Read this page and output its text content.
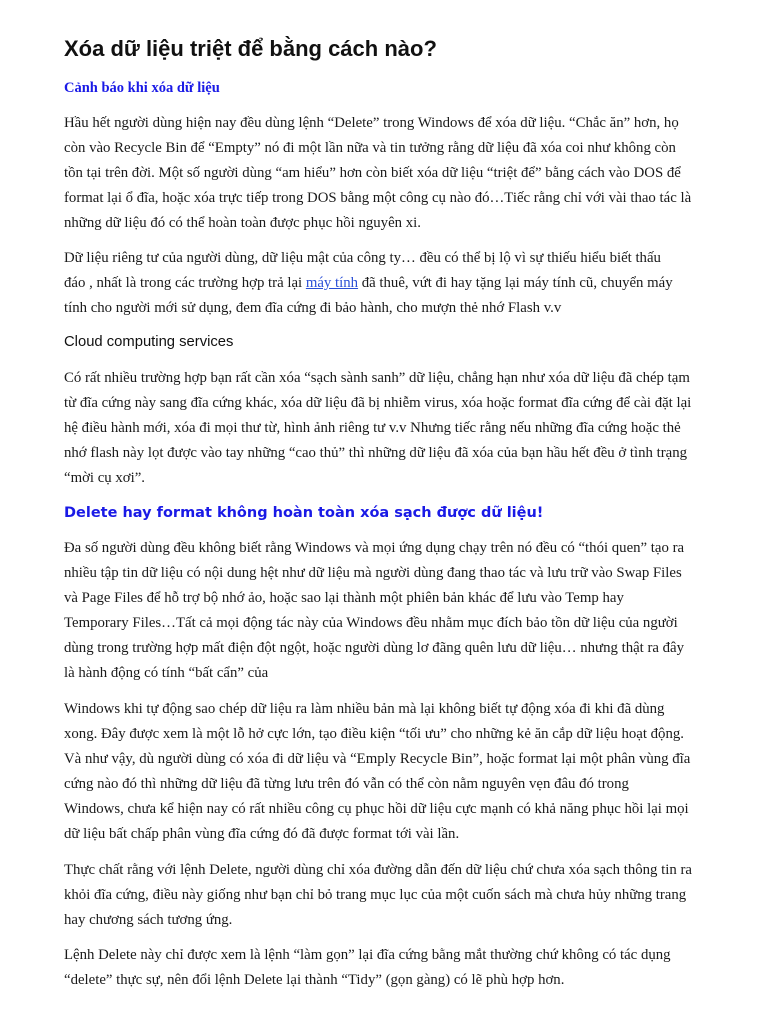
Xóa dữ liệu triệt để bằng cách nào?
Cảnh báo khi xóa dữ liệu

Hầu hết người dùng hiện nay đều dùng lệnh “Delete” trong Windows để xóa dữ liệu. “Chắc ăn” hơn, họ
còn vào Recycle Bin để “Empty” nó đi một lần nữa và tin tưởng rằng dữ liệu đã xóa coi như không còn
tồn tại trên đời. Một số người dùng “am hiểu” hơn còn biết xóa dữ liệu “triệt để” bằng cách vào DOS để
format lại ổ đĩa, hoặc xóa trực tiếp trong DOS bằng một công cụ nào đó…Tiếc rằng chỉ với vài thao tác là
những dữ liệu đó có thể hoàn toàn được phục hồi nguyên xi.

Dữ liệu riêng tư của người dùng, dữ liệu mật của công ty… đều có thể bị lộ vì sự thiếu hiểu biết thấu
đáo , nhất là trong các trường hợp trả lại máy tính đã thuê, vứt đi hay tặng lại máy tính cũ, chuyển máy
tính cho người mới sử dụng, đem đĩa cứng đi bảo hành, cho mượn thẻ nhớ Flash v.v

Cloud computing services

Có rất nhiều trường hợp bạn rất cần xóa “sạch sành sanh” dữ liệu, chẳng hạn như xóa dữ liệu đã chép tạm
từ đĩa cứng này sang đĩa cứng khác, xóa dữ liệu đã bị nhiễm virus, xóa hoặc format đĩa cứng để cài đặt lại
hệ điều hành mới, xóa đi mọi thư từ, hình ảnh riêng tư v.v Nhưng tiếc rằng nếu những đĩa cứng hoặc thẻ
nhớ flash này lọt được vào tay những “cao thủ” thì những dữ liệu đã xóa của bạn hầu hết đều ở tình trạng
“mời cụ xơi”.

Delete hay format không hoàn toàn xóa sạch được dữ liệu!

Đa số người dùng đều không biết rằng Windows và mọi ứng dụng chạy trên nó đều có “thói quen” tạo ra
nhiều tập tin dữ liệu có nội dung hệt như dữ liệu mà người dùng đang thao tác và lưu trữ vào Swap Files
và Page Files để hỗ trợ bộ nhớ ảo, hoặc sao lại thành một phiên bản khác để lưu vào Temp hay
Temporary Files…Tất cả mọi động tác này của Windows đều nhằm mục đích bảo tồn dữ liệu của người
dùng trong trường hợp mất điện đột ngột, hoặc người dùng lơ đãng quên lưu dữ liệu… nhưng thật ra đây
là hành động có tính “bất cẩn” của

Windows khi tự động sao chép dữ liệu ra làm nhiều bản mà lại không biết tự động xóa đi khi đã dùng
xong. Đây được xem là một lỗ hở cực lớn, tạo điều kiện “tối ưu” cho những kẻ ăn cắp dữ liệu hoạt động.
Và như vậy, dù người dùng có xóa đi dữ liệu và “Emply Recycle Bin”, hoặc format lại một phân vùng đĩa
cứng nào đó thì những dữ liệu đã từng lưu trên đó vẫn có thể còn nằm nguyên vẹn đâu đó trong
Windows, chưa kể hiện nay có rất nhiều công cụ phục hồi dữ liệu cực mạnh có khả năng phục hồi lại mọi
dữ liệu bất chấp phân vùng đĩa cứng đó đã được format tới vài lần.

Thực chất rằng với lệnh Delete, người dùng chỉ xóa đường dẫn đến dữ liệu chứ chưa xóa sạch thông tin ra
khỏi đĩa cứng, điều này giống như bạn chỉ bỏ trang mục lục của một cuốn sách mà chưa hủy những trang
hay chương sách tương ứng.

Lệnh Delete này chỉ được xem là lệnh “làm gọn” lại đĩa cứng bằng mắt thường chứ không có tác dụng
“delete” thực sự, nên đổi lệnh Delete lại thành “Tidy” (gọn gàng) có lẽ phù hợp hơn.
